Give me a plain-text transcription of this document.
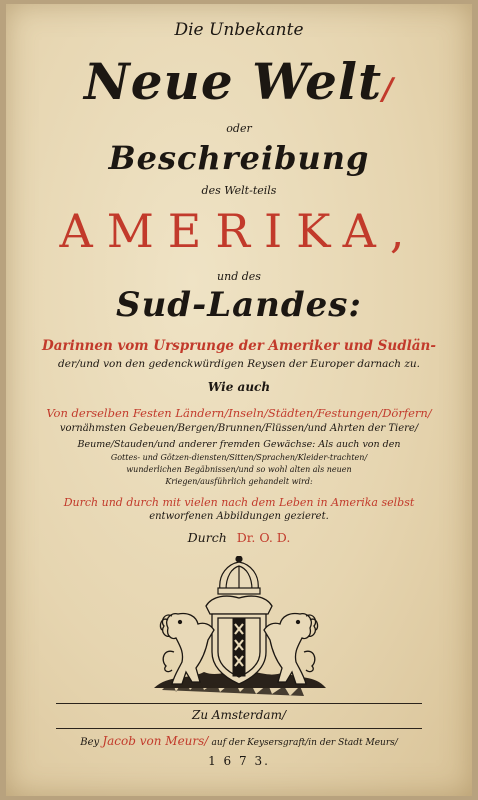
Die Unbekante
Neue Welt/
oder
Beschreibung
des Welt-teils
AMERIKA,
und des
Sud-Landes:
Darinnen vom Ursprunge der Ameriker und Sudlän-
der/und von den gedenckwürdigen Reysen der Europer darnach zu.
Wie auch
Von derselben Festen Ländern/Inseln/Städten/Festungen/Dörfern/
vornähmsten Gebeuen/Bergen/Brunnen/Flüssen/und Ahrten der Tiere/
Beume/Stauden/und anderer fremden Gewächse: Als auch von den
Gottes- und Götzen-diensten/Sitten/Sprachen/Kleider-trachten/
wunderlichen Begäbnissen/und so wohl alten als neuen
Kriegen/ausführlich gehandelt wird:
Durch und durch mit vielen nach dem Leben in Amerika selbst
entworfenen Abbildungen gezieret.
Durch Dr. O. D.
Zu Amsterdam/
Bey Jacob von Meurs/ auf der Keysersgraft/in der Stadt Meurs/
1 6 7 3.
